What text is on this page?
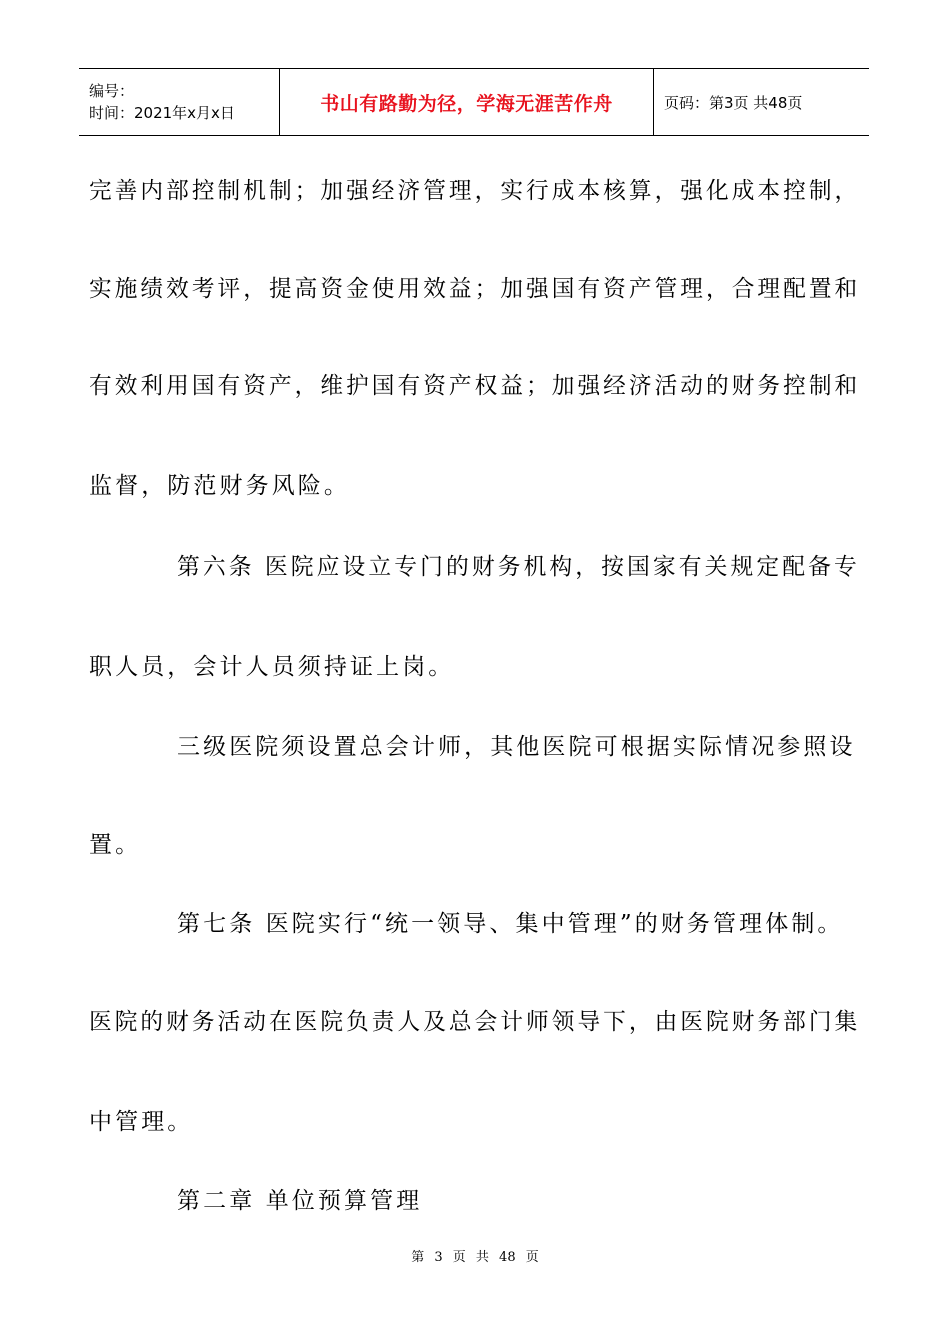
编号：
时间：2021年x月x日	书山有路勤为径，学海无涯苦作舟	页码：第3页 共48页
完善内部控制机制；加强经济管理，实行成本核算，强化成本控制，
实施绩效考评，提高资金使用效益；加强国有资产管理，合理配置和
有效利用国有资产，维护国有资产权益；加强经济活动的财务控制和
监督，防范财务风险。
第六条 医院应设立专门的财务机构，按国家有关规定配备专
职人员，会计人员须持证上岗。
三级医院须设置总会计师，其他医院可根据实际情况参照设
置。
第七条 医院实行“统一领导、集中管理”的财务管理体制。
医院的财务活动在医院负责人及总会计师领导下，由医院财务部门集
中管理。
第二章 单位预算管理
第 3 页 共 48 页
